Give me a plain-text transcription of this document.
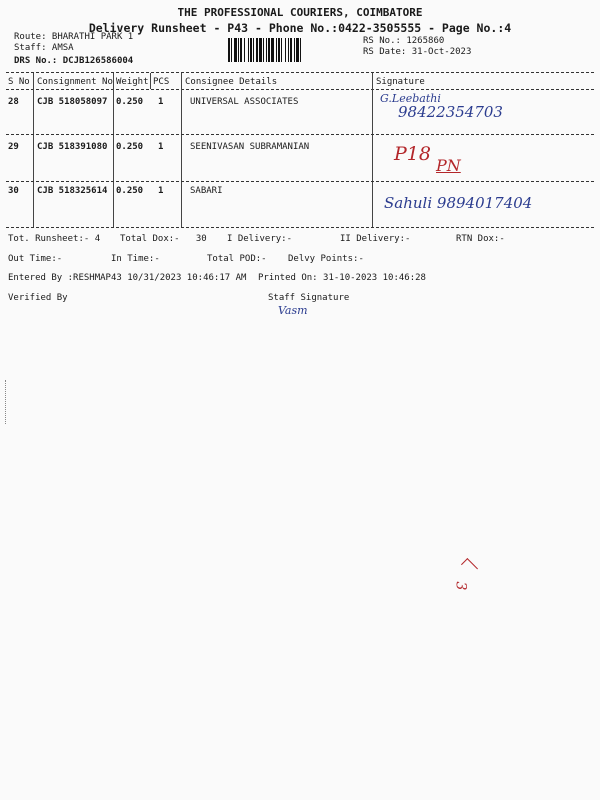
THE PROFESSIONAL COURIERS, COIMBATORE
Delivery Runsheet - P43 - Phone No.:0422-3505555 - Page No.:4
Route: BHARATHI PARK 1
Staff: AMSA
DRS No.: DCJB126586004
RS No.: 1265860
RS Date: 31-Oct-2023
S No Consignment No Weight PCS Consignee Details	Signature
28 CJB 518058097 0.250 1	UNIVERSAL ASSOCIATES	G.Leebathi
98422354703
29 CJB 518391080 0.250 1	SEENIVASAN SUBRAMANIAN	P18
PN
30 CJB 518325614 0.250 1	SABARI
Sahuli 9894017404
Tot. Runsheet:- 4 Total Dox:-   30 I Delivery:-	II Delivery:-	RTN Dox:-
Out Time:-	In Time:-	Total POD:- Delvy Points:-
Entered By :RESHMAP43 10/31/2023 10:46:17 AM Printed On: 31-10-2023 10:46:28
Verified By	Staff Signature
Vasm
3
